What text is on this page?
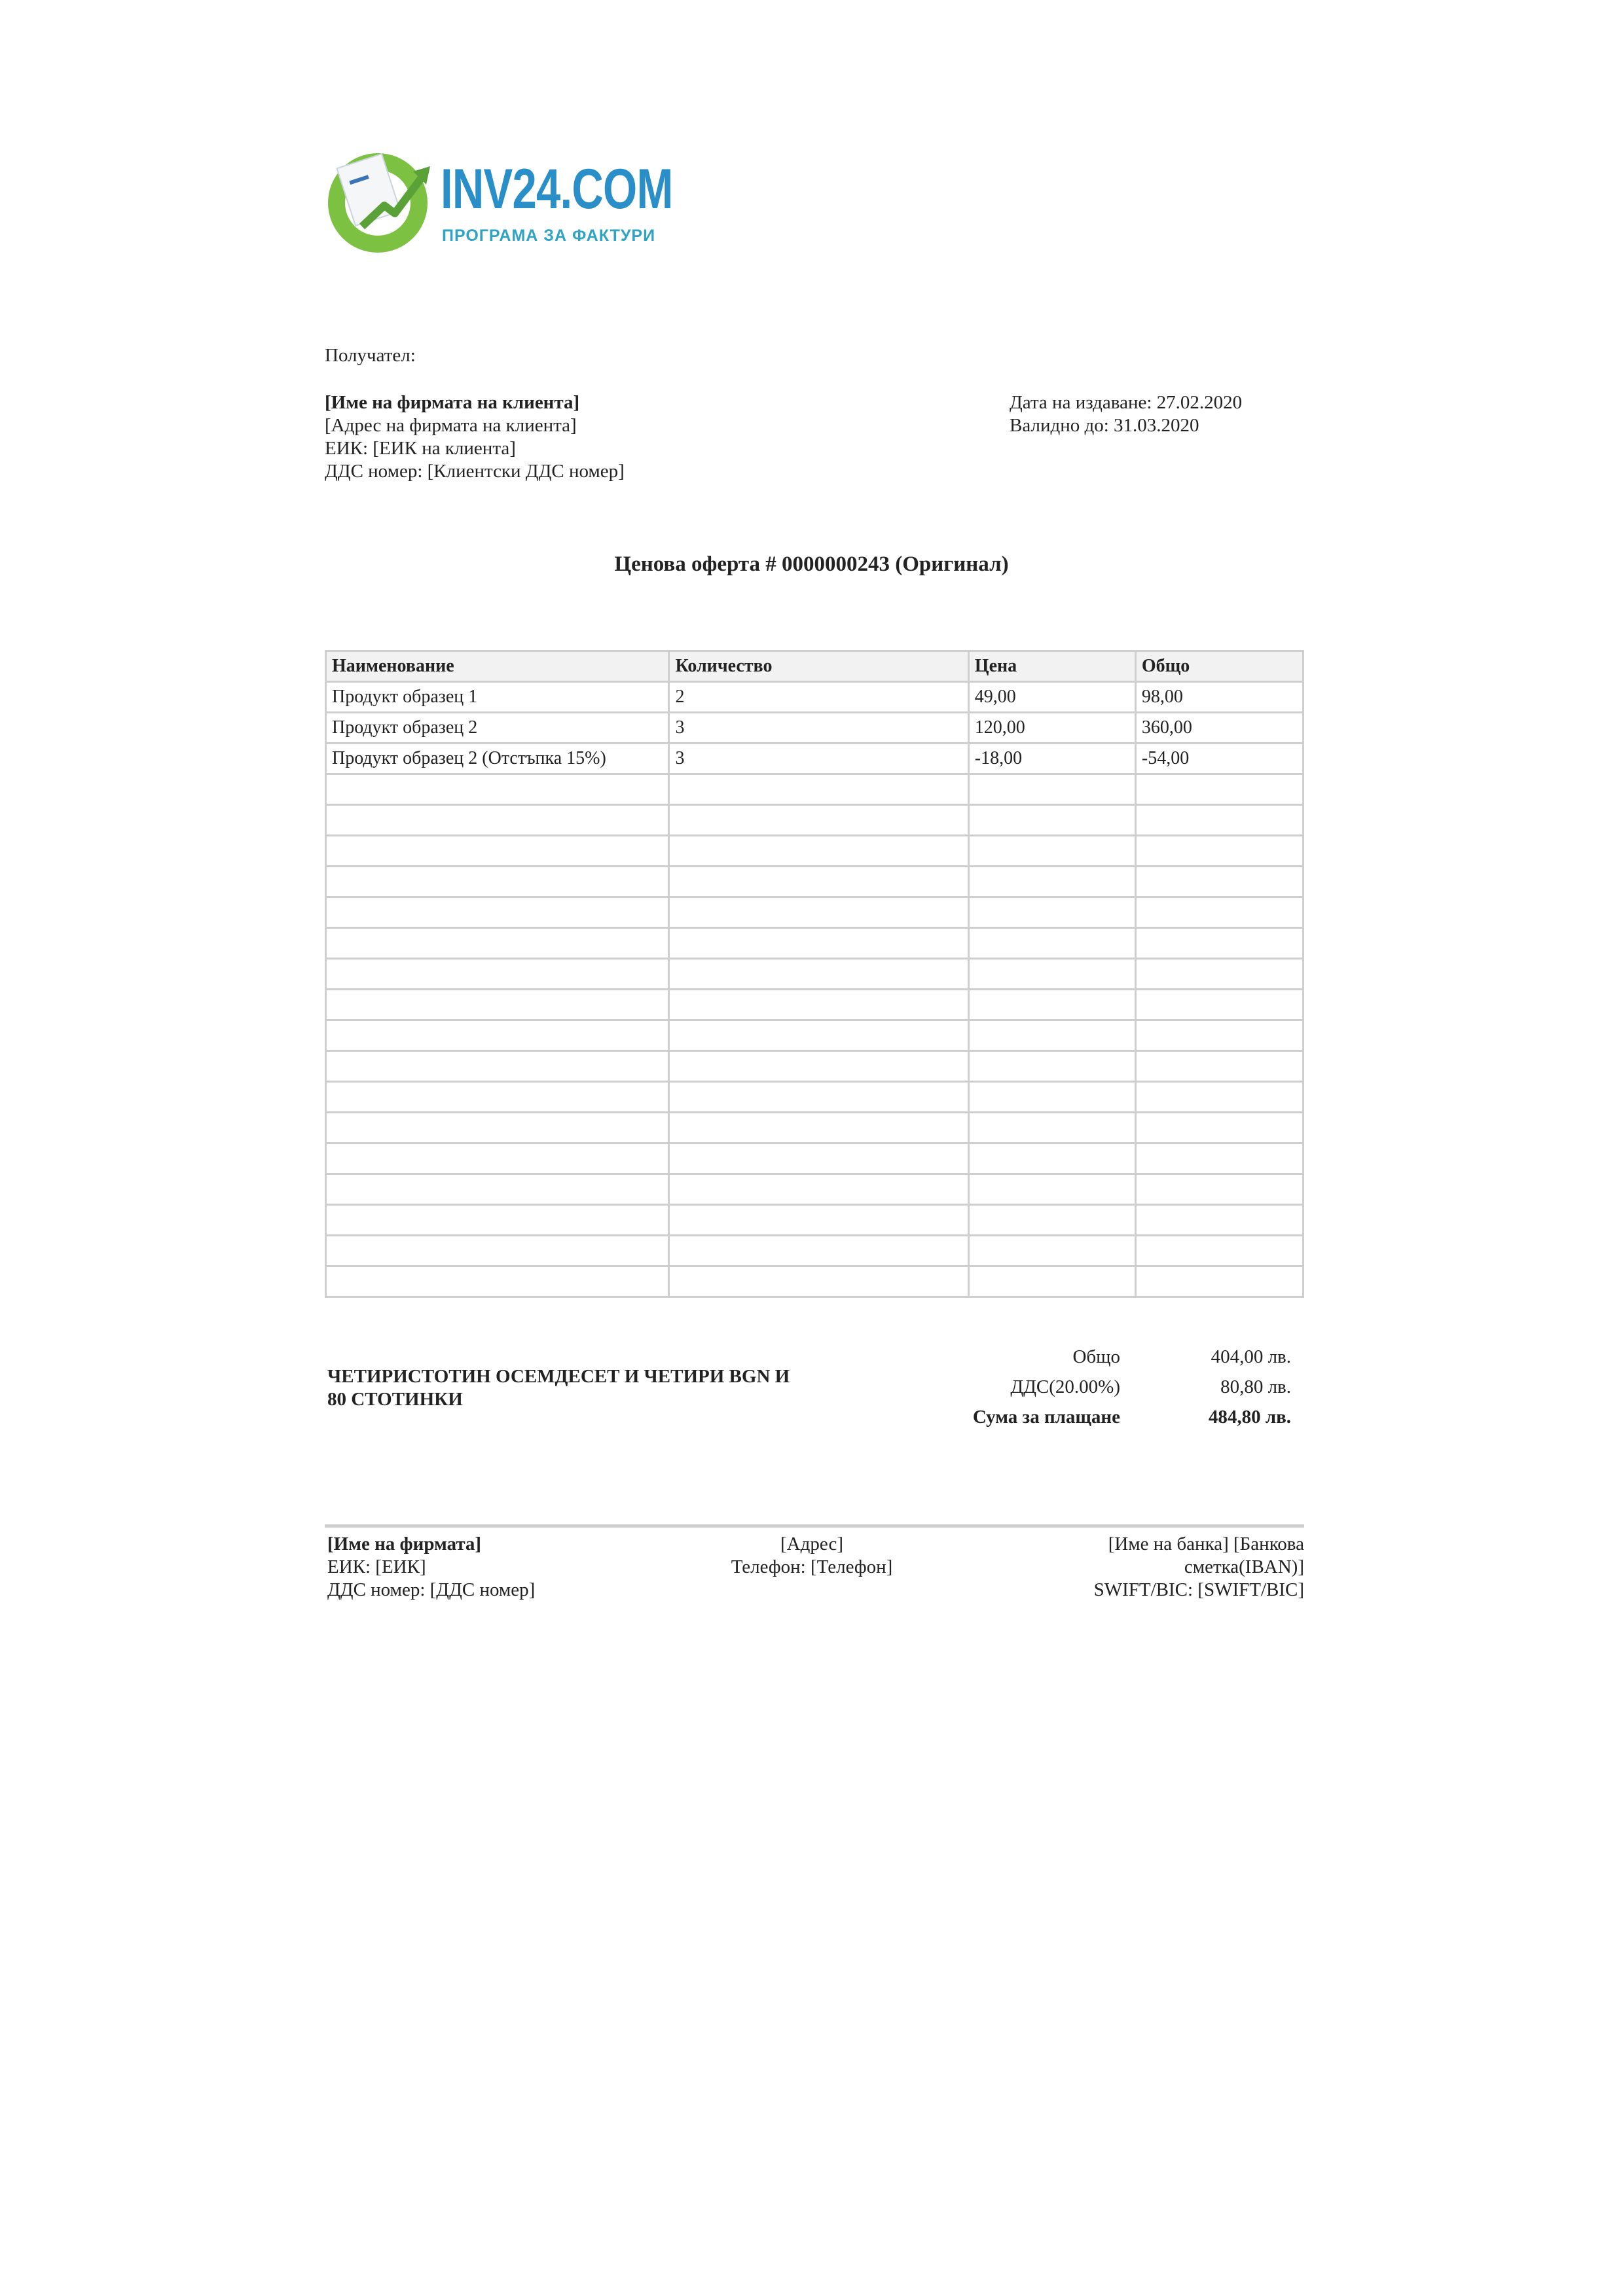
INV24.COM
ПРОГРАМА ЗА ФАКТУРИ
Получател:
[Име на фирмата на клиента]
[Адрес на фирмата на клиента]
ЕИК: [ЕИК на клиента]
ДДС номер: [Клиентски ДДС номер]
Дата на издаване: 27.02.2020
Валидно до: 31.03.2020
Ценова оферта # 0000000243 (Оригинал)
Наименование	Количество	Цена	Общо
Продукт образец 1	2	49,00	98,00
Продукт образец 2	3	120,00	360,00
Продукт образец 2 (Отстъпка 15%)	3	-18,00	-54,00

ЧЕТИРИСТОТИН ОСЕМДЕСЕТ И ЧЕТИРИ BGN И
80 СТОТИНКИ
Общо	404,00 лв.
ДДС(20.00%)	80,80 лв.
Сума за плащане	484,80 лв.
[Име на фирмата]
ЕИК: [ЕИК]
ДДС номер: [ДДС номер]
[Адрес]
Телефон: [Телефон]
[Име на банка] [Банкова
сметка(IBAN)]
SWIFT/BIC: [SWIFT/BIC]
